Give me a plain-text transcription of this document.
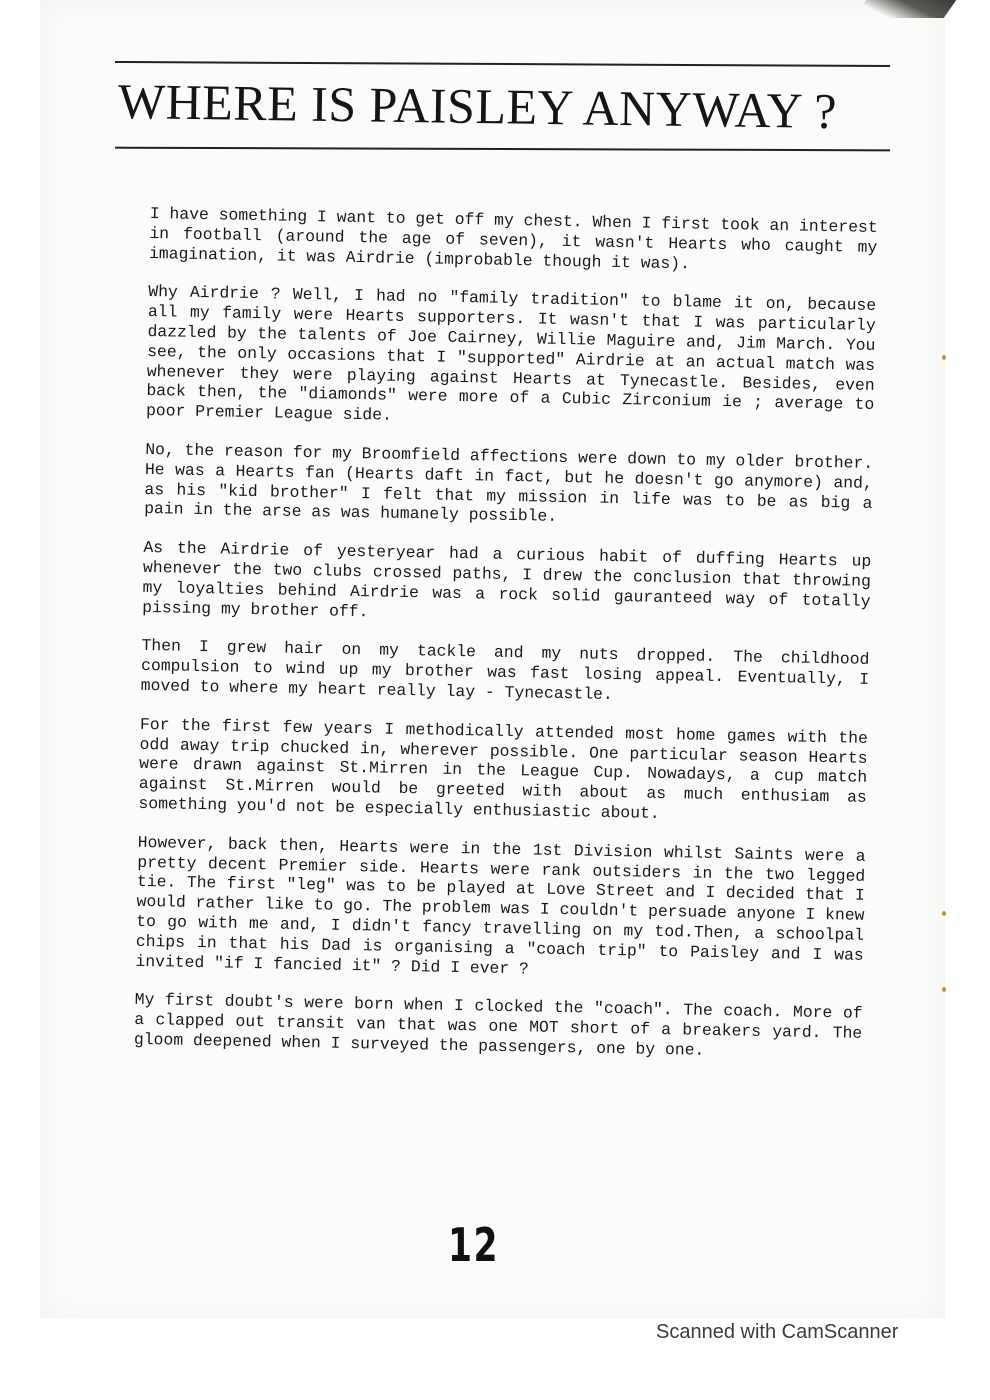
WHERE IS PAISLEY ANYWAY ?

I have something I want to get off my chest. When I first took an interest in football (around the age of seven), it wasn't Hearts who caught my imagination, it was Airdrie (improbable though it was).

Why Airdrie ? Well, I had no "family tradition" to blame it on, because all my family were Hearts supporters. It wasn't that I was particularly dazzled by the talents of Joe Cairney, Willie Maguire and, Jim March. You see, the only occasions that I "supported" Airdrie at an actual match was whenever they were playing against Hearts at Tynecastle. Besides, even back then, the "diamonds" were more of a Cubic Zirconium ie ; average to poor Premier League side.

No, the reason for my Broomfield affections were down to my older brother. He was a Hearts fan (Hearts daft in fact, but he doesn't go anymore) and, as his "kid brother" I felt that my mission in life was to be as big a pain in the arse as was humanely possible.

As the Airdrie of yesteryear had a curious habit of duffing Hearts up whenever the two clubs crossed paths, I drew the conclusion that throwing my loyalties behind Airdrie was a rock solid gauranteed way of totally pissing my brother off.

Then I grew hair on my tackle and my nuts dropped. The childhood compulsion to wind up my brother was fast losing appeal. Eventually, I moved to where my heart really lay - Tynecastle.

For the first few years I methodically attended most home games with the odd away trip chucked in, wherever possible. One particular season Hearts were drawn against St.Mirren in the League Cup. Nowadays, a cup match against St.Mirren would be greeted with about as much enthusiam as something you'd not be especially enthusiastic about.

However, back then, Hearts were in the 1st Division whilst Saints were a pretty decent Premier side. Hearts were rank outsiders in the two legged tie. The first "leg" was to be played at Love Street and I decided that I would rather like to go. The problem was I couldn't persuade anyone I knew to go with me and, I didn't fancy travelling on my tod.Then, a schoolpal chips in that his Dad is organising a "coach trip" to Paisley and I was invited "if I fancied it" ? Did I ever ?

My first doubt's were born when I clocked the "coach". The coach. More of a clapped out transit van that was one MOT short of a breakers yard. The gloom deepened when I surveyed the passengers, one by one.

12
Scanned with CamScanner
